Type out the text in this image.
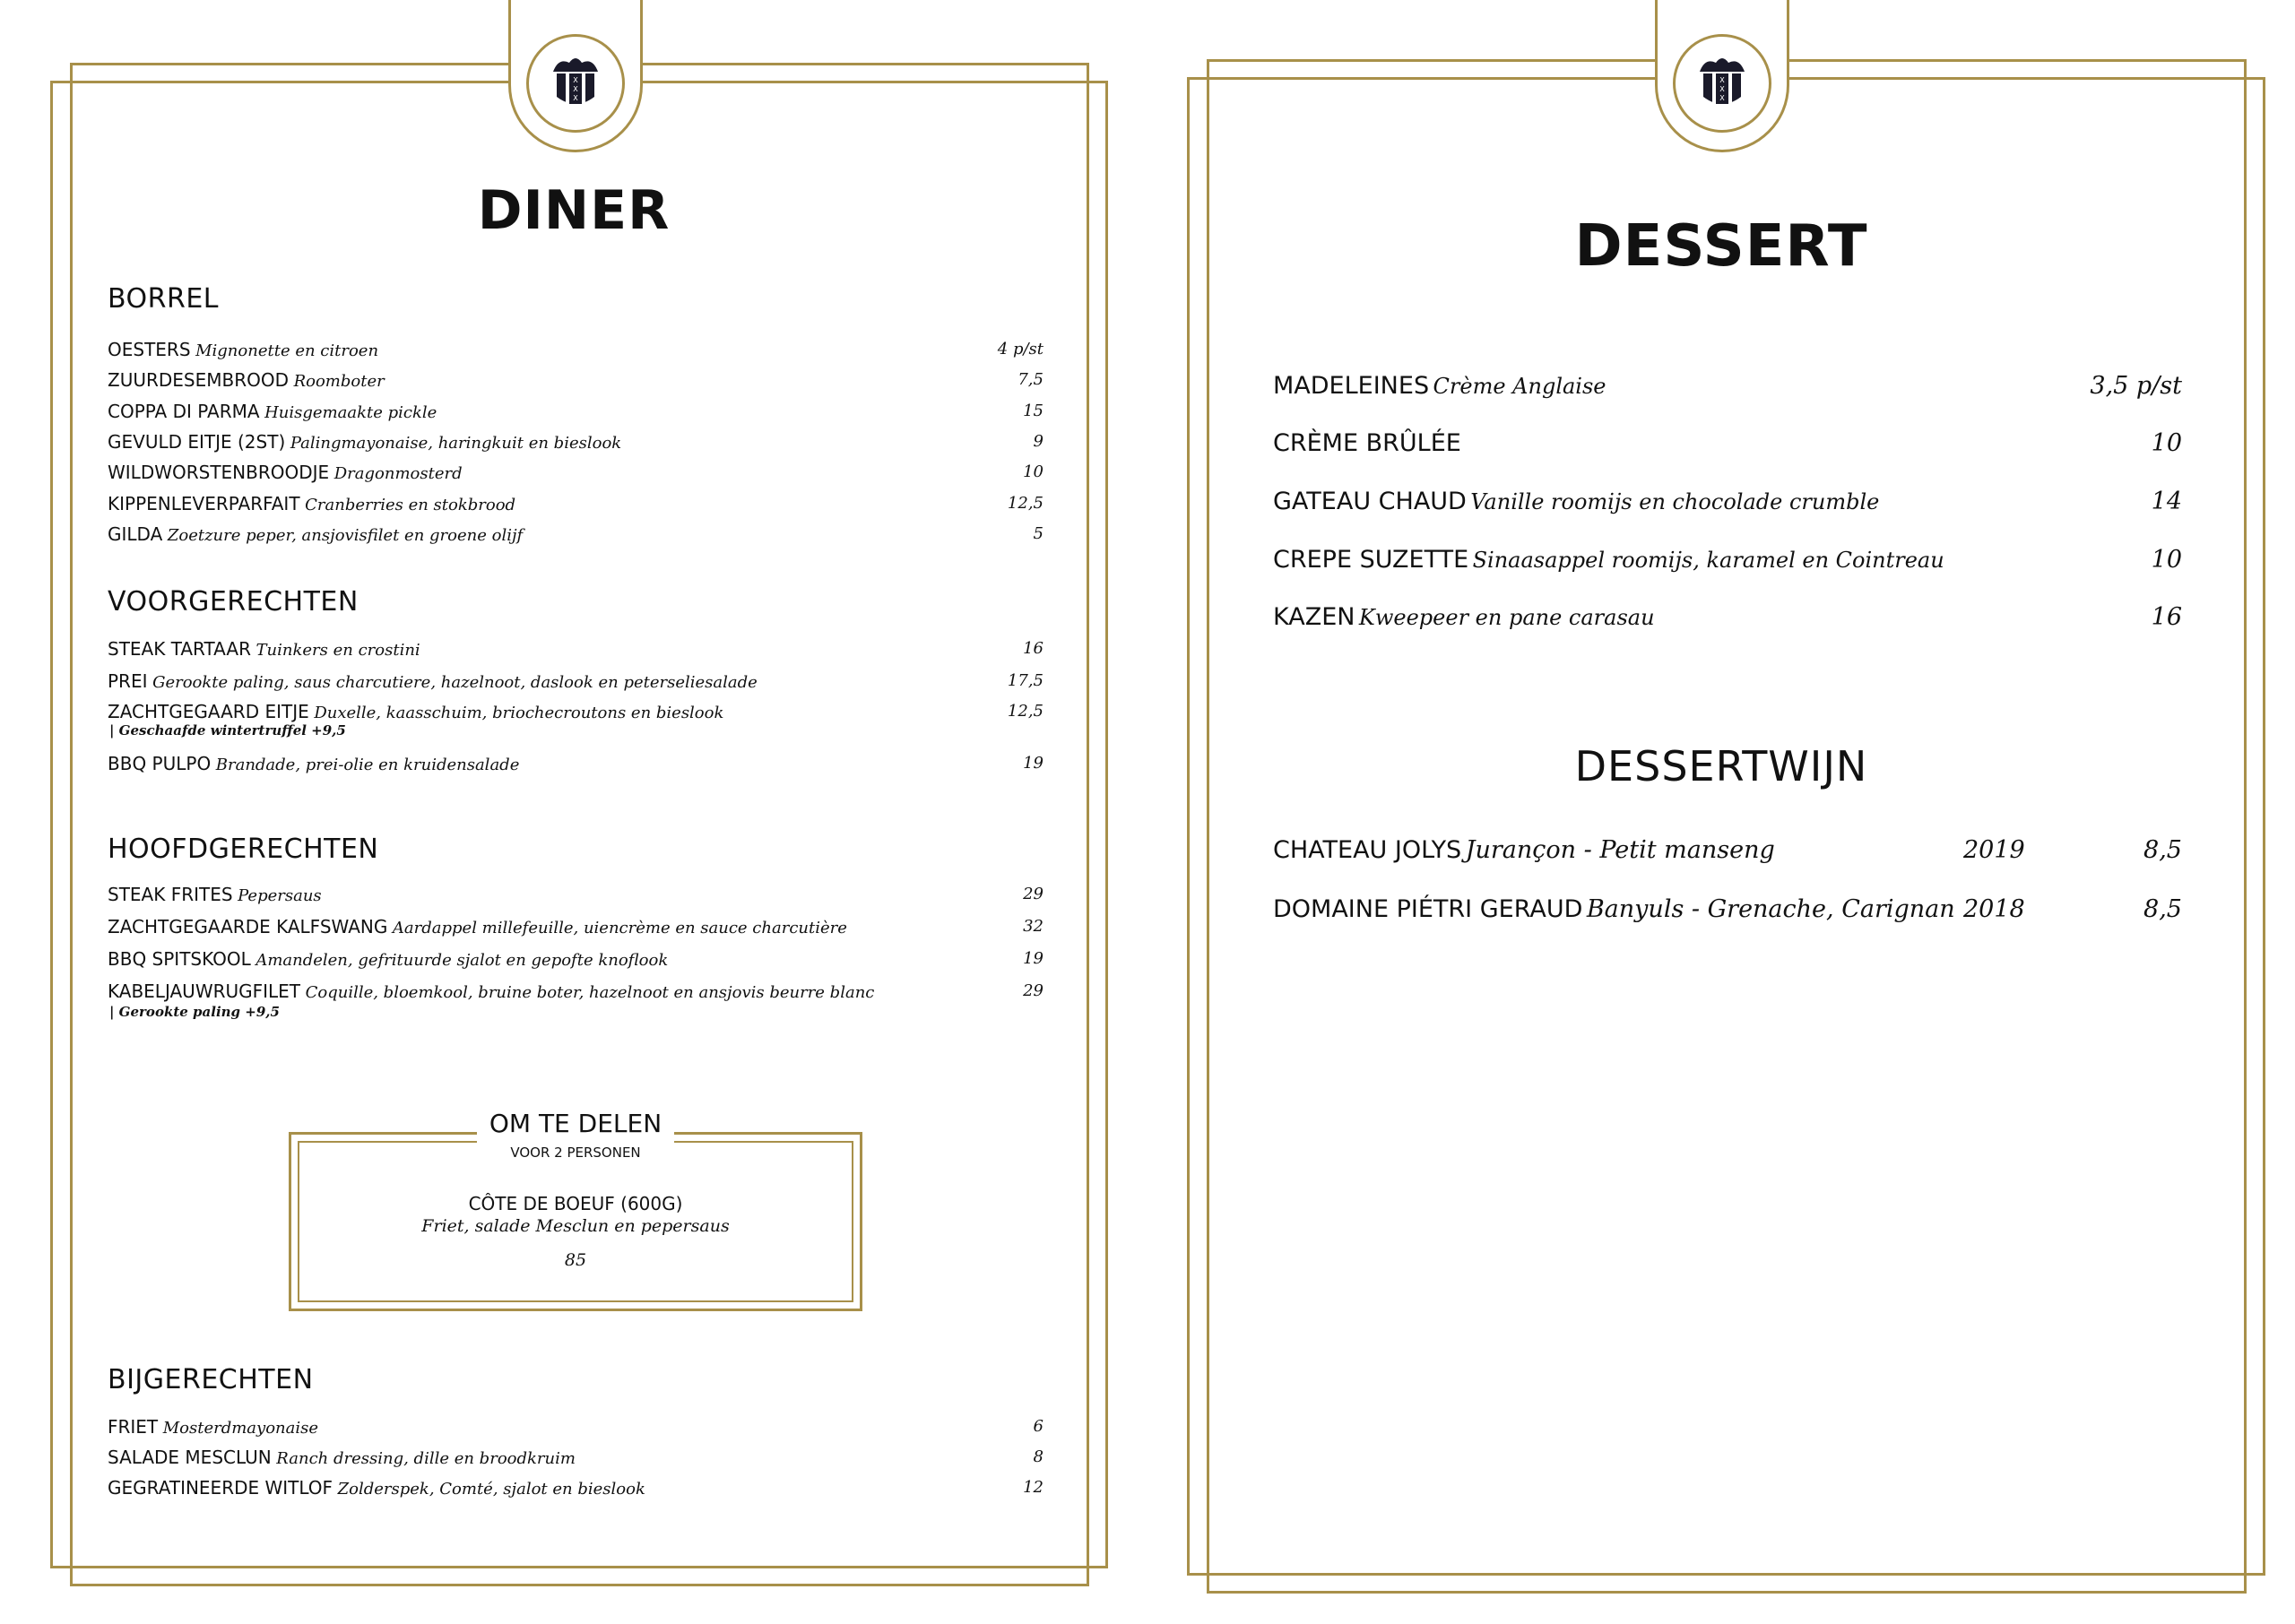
X
X
X
X
X
X
DINER
BORREL
OESTERS Mignonette en citroen	4 p/st
ZUURDESEMBROOD Roomboter	7,5
COPPA DI PARMA Huisgemaakte pickle	15
GEVULD EITJE (2ST) Palingmayonaise, haringkuit en bieslook	9
WILDWORSTENBROODJE Dragonmosterd	10
KIPPENLEVERPARFAIT Cranberries en stokbrood	12,5
GILDA Zoetzure peper, ansjovisfilet en groene olijf	5
VOORGERECHTEN
STEAK TARTAAR Tuinkers en crostini	16
PREI Gerookte paling, saus charcutiere, hazelnoot, daslook en peterseliesalade	17,5
ZACHTGEGAARD EITJE Duxelle, kaasschuim, briochecroutons en bieslook	12,5
BBQ PULPO Brandade, prei-olie en kruidensalade	19
| Geschaafde wintertruffel +9,5
HOOFDGERECHTEN
STEAK FRITES Pepersaus	29
ZACHTGEGAARDE KALFSWANG Aardappel millefeuille, uiencrème en sauce charcutière	32
BBQ SPITSKOOL Amandelen, gefrituurde sjalot en gepofte knoflook	19
KABELJAUWRUGFILET Coquille, bloemkool, bruine boter, hazelnoot en ansjovis beurre blanc	29
| Gerookte paling +9,5
BIJGERECHTEN
FRIET Mosterdmayonaise	6
SALADE MESCLUN Ranch dressing, dille en broodkruim	8
GEGRATINEERDE WITLOF Zolderspek, Comté, sjalot en bieslook	12
OM TE DELEN
VOOR 2 PERSONEN
CÔTE DE BOEUF (600G)
Friet, salade Mesclun en pepersaus
85
DESSERT
DESSERTWIJN
MADELEINES Crème Anglaise	3,5 p/st
CRÈME BRÛLÉE	10
GATEAU CHAUD Vanille roomijs en chocolade crumble	14
CREPE SUZETTE Sinaasappel roomijs, karamel en Cointreau	10
KAZEN Kweepeer en pane carasau	16
CHATEAU JOLYS Jurançon - Petit manseng	2019	8,5
DOMAINE PIÉTRI GERAUD Banyuls - Grenache, Carignan 2018	8,5
